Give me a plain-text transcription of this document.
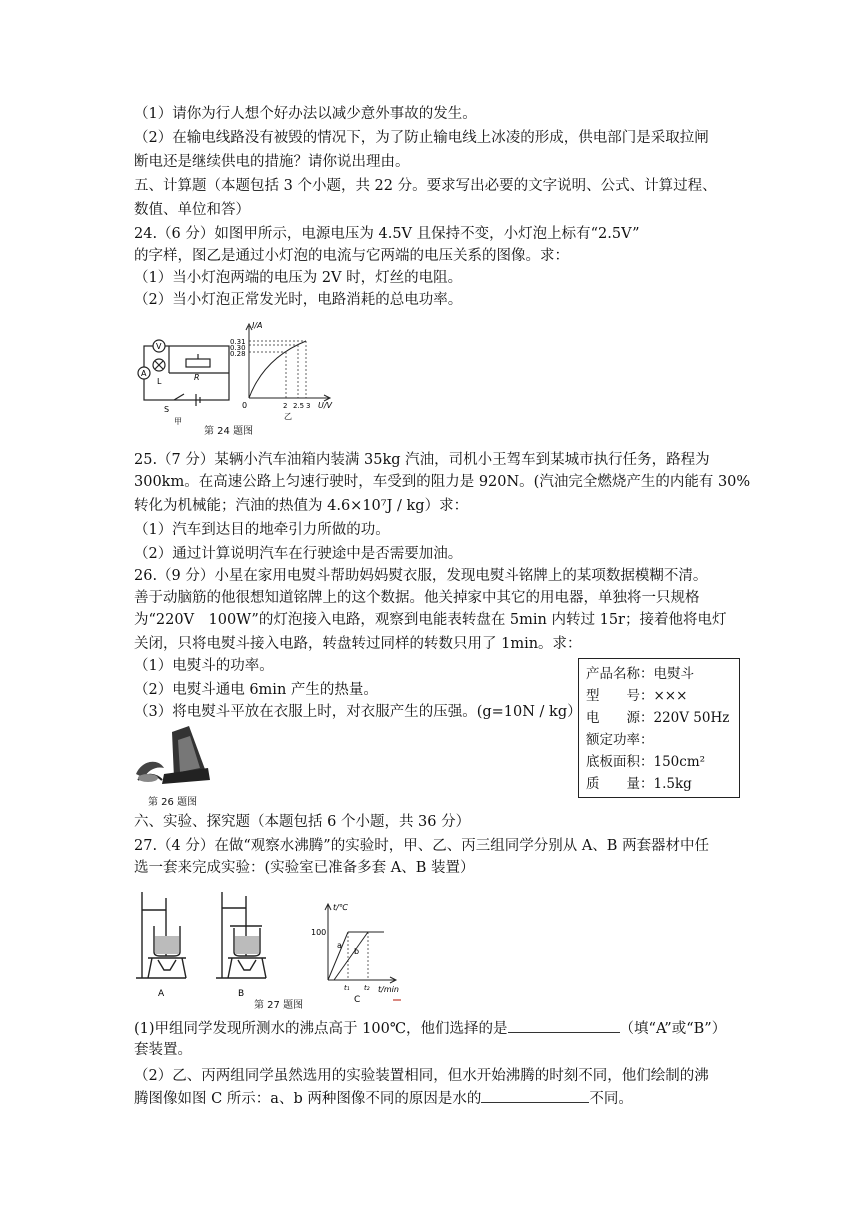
（1）请你为行人想个好办法以减少意外事故的发生。
（2）在输电线路没有被毁的情况下，为了防止输电线上冰凌的形成，供电部门是采取拉闸
断电还是继续供电的措施？请你说出理由。
五、计算题（本题包括 3 个小题，共 22 分。要求写出必要的文字说明、公式、计算过程、
数值、单位和答）
24.（6 分）如图甲所示，电源电压为 4.5V 且保持不变，小灯泡上标有“2.5V”
的字样，图乙是通过小灯泡的电流与它两端的电压关系的图像。求：
（1）当小灯泡两端的电压为 2V 时，灯丝的电阻。
（2）当小灯泡正常发光时，电路消耗的总电功率。
V
A
L	R
S
甲
I/A
0.31
0.30
0.28
0	2 2.5 3 U/V
乙
第 24 题图
25.（7 分）某辆小汽车油箱内装满 35kg 汽油，司机小王驾车到某城市执行任务，路程为
300km。在高速公路上匀速行驶时，车受到的阻力是 920N。(汽油完全燃烧产生的内能有 30%
转化为机械能；汽油的热值为 4.6×10⁷J / kg）求：
（1）汽车到达目的地牵引力所做的功。
（2）通过计算说明汽车在行驶途中是否需要加油。
26.（9 分）小星在家用电熨斗帮助妈妈熨衣服，发现电熨斗铭牌上的某项数据模糊不清。
善于动脑筋的他很想知道铭牌上的这个数据。他关掉家中其它的用电器，单独将一只规格
为“220V　100W”的灯泡接入电路，观察到电能表转盘在 5min 内转过 15r；接着他将电灯
关闭，只将电熨斗接入电路，转盘转过同样的转数只用了 1min。求：
（1）电熨斗的功率。
（2）电熨斗通电 6min 产生的热量。
（3）将电熨斗平放在衣服上时，对衣服产生的压强。(g=10N / kg）
产品名称：电熨斗
型　　号：×××
电　　源：220V 50Hz
额定功率：
底板面积：150cm²
质　　量：1.5kg
第 26 题图
六、实验、探究题（本题包括 6 个小题，共 36 分）
27.（4 分）在做“观察水沸腾”的实验时，甲、乙、丙三组同学分别从 A、B 两套器材中任
选一套来完成实验：(实验室已准备多套 A、B 装置）
A	B
t/℃
100
a
b
t₁ t₂ t/min
C
第 27 题图
(1)甲组同学发现所测水的沸点高于 100℃，他们选择的是	（填“A”或“B”）
套装置。
（2）乙、丙两组同学虽然选用的实验装置相同，但水开始沸腾的时刻不同，他们绘制的沸
腾图像如图 C 所示：a、b 两种图像不同的原因是水的	不同。
